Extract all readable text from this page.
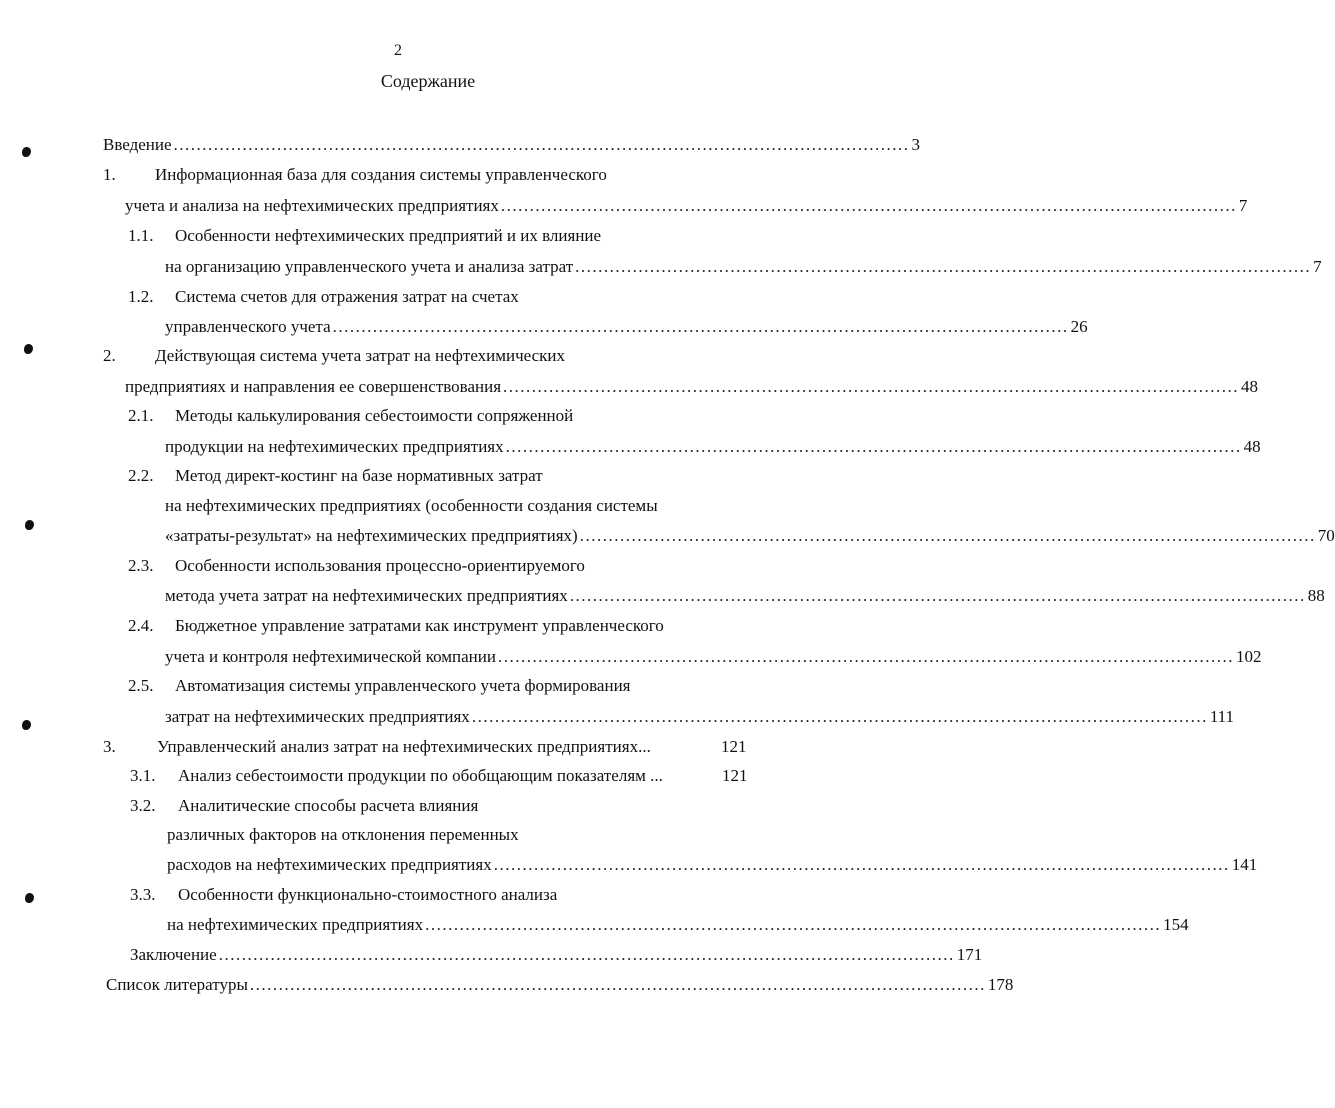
2
Содержание
Введение ................................................................................................................................ 3
1. Информационная база для создания системы управленческого
учета и анализа на нефтехимических предприятиях ................................................................................................................................ 7
1.1. Особенности нефтехимических предприятий и их влияние
на организацию управленческого учета и анализа затрат ................................................................................................................................ 7
1.2. Система счетов для отражения затрат на счетах
управленческого учета ................................................................................................................................ 26
2. Действующая система учета затрат на нефтехимических
предприятиях и направления ее совершенствования ................................................................................................................................ 48
2.1. Методы калькулирования себестоимости сопряженной
продукции на нефтехимических предприятиях ................................................................................................................................ 48
2.2. Метод директ-костинг на базе нормативных затрат
на нефтехимических предприятиях (особенности создания системы
«затраты-результат» на нефтехимических предприятиях) ................................................................................................................................ 70
2.3. Особенности использования процессно-ориентируемого
метода учета затрат на нефтехимических предприятиях ................................................................................................................................ 88
2.4. Бюджетное управление затратами как инструмент управленческого
учета и контроля нефтехимической компании ................................................................................................................................ 102
2.5. Автоматизация системы управленческого учета формирования
затрат на нефтехимических предприятиях ................................................................................................................................ 111
3. Управленческий анализ затрат на нефтехимических предприятиях...	121
3.1. Анализ себестоимости продукции по обобщающим показателям ...	121
3.2. Аналитические способы расчета влияния
различных факторов на отклонения переменных
расходов на нефтехимических предприятиях ................................................................................................................................ 141
3.3. Особенности функционально-стоимостного анализа
на нефтехимических предприятиях ................................................................................................................................ 154
Заключение ................................................................................................................................ 171
Список литературы ................................................................................................................................ 178
